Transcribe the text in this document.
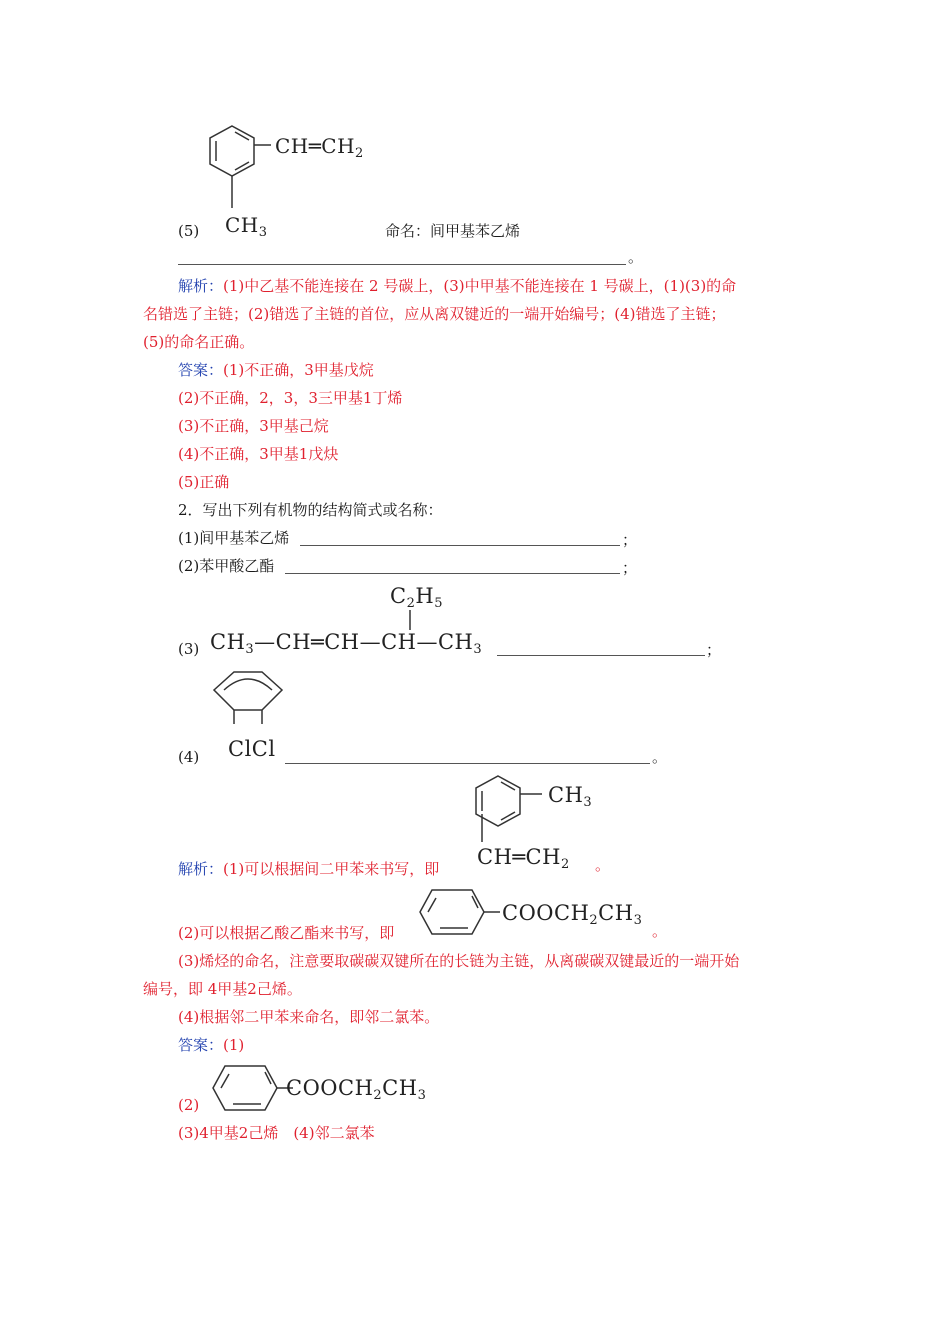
$CH═CH_2$
$CH_3$
(5)	命名：间甲基苯乙烯
。
解析：(1)中乙基不能连接在 2 号碳上，(3)中甲基不能连接在 1 号碳上，(1)(3)的命
名错选了主链；(2)错选了主链的首位，应从离双键近的一端开始编号；(4)错选了主链；
(5)的命名正确。
答案：(1)不正确，3甲基戊烷
(2)不正确，2，3，3三甲基1丁烯
(3)不正确，3甲基己烷
(4)不正确，3甲基1戊炔
(5)正确
2．写出下列有机物的结构简式或名称：
(1)间甲基苯乙烯	；
(2)苯甲酸乙酯	；
$C_2H_5$
(3) $CH_3—CH═CH—CH—CH_3$	；
(4) ClCl	。
$CH_3$
解析：(1)可以根据间二甲苯来书写，即 $CH═CH_2$ 。
$COOCH_2CH_3$
(2)可以根据乙酸乙酯来书写，即	。
(3)烯烃的命名，注意要取碳碳双键所在的长链为主链，从离碳碳双键最近的一端开始
编号，即 4甲基2己烯。
(4)根据邻二甲苯来命名，即邻二氯苯。
答案：(1)
$COOCH_2CH_3$
(2)
(3)4甲基2己烯　(4)邻二氯苯
